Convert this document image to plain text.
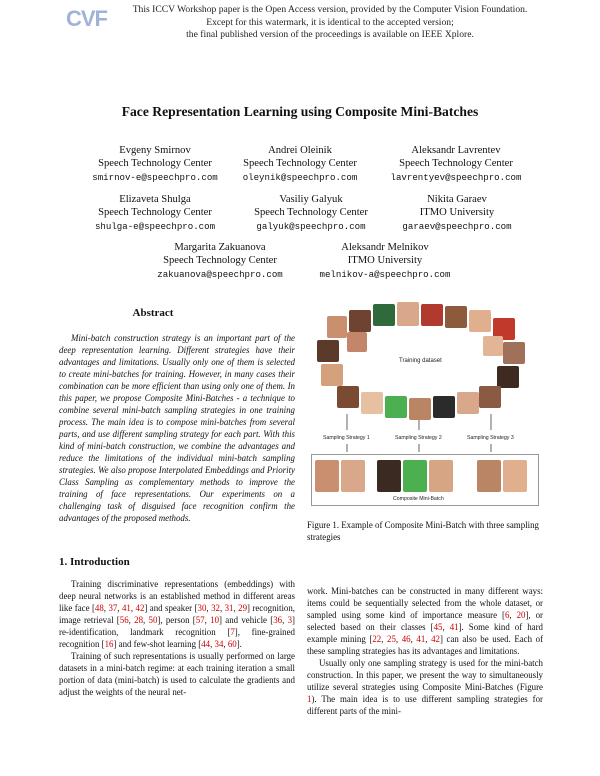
CVF	This ICCV Workshop paper is the Open Access version, provided by the Computer Vision Foundation.
Except for this watermark, it is identical to the accepted version;
the final published version of the proceedings is available on IEEE Xplore.
Face Representation Learning using Composite Mini-Batches
Evgeny Smirnov
Speech Technology Center
smirnov-e@speechpro.com
Andrei Oleinik
Speech Technology Center
oleynik@speechpro.com
Aleksandr Lavrentev
Speech Technology Center
lavrentyev@speechpro.com
Elizaveta Shulga
Speech Technology Center
shulga-e@speechpro.com
Vasiliy Galyuk
Speech Technology Center
galyuk@speechpro.com
Nikita Garaev
ITMO University
garaev@speechpro.com
Margarita Zakuanova
Speech Technology Center
zakuanova@speechpro.com
Aleksandr Melnikov
ITMO University
melnikov-a@speechpro.com
Abstract
Mini-batch construction strategy is an important part of the deep representation learning. Different strategies have their advantages and limitations. Usually only one of them is selected to create mini-batches for training. However, in many cases their combination can be more efficient than using only one of them. In this paper, we propose Composite Mini-Batches - a technique to combine several mini-batch sampling strategies in one training process. The main idea is to compose mini-batches from several parts, and use different sampling strategy for each part. With this kind of mini-batch construction, we combine the advantages and reduce the limitations of the individual mini-batch sampling strategies. We also propose Interpolated Embeddings and Priority Class Sampling as complementary methods to improve the training of face representations. Our experiments on a challenging task of disguised face recognition confirm the advantages of the proposed methods.
1. Introduction

Training discriminative representations (embeddings) with deep neural networks is an established method in different areas like face [48, 37, 41, 42] and speaker [30, 32, 31, 29] recognition, image retrieval [56, 28, 50], person [57, 10] and vehicle [36, 3] re-identification, landmark recognition [7], fine-grained recognition [16] and few-shot learning [44, 34, 60].

Training of such representations is usually performed on large datasets in a mini-batch regime: at each training iteration a small portion of data (mini-batch) is used to calculate the gradients and adjust the weights of the neural net-

work. Mini-batches can be constructed in many different ways: items could be sequentially selected from the whole dataset, or sampled using some kind of importance measure [6, 20], or selected based on their classes [45, 41]. Some kind of hard example mining [22, 25, 46, 41, 42] can also be used. Each of these sampling strategies has its advantages and limitations.

Usually only one sampling strategy is used for the mini-batch construction. In this paper, we present the way to simultaneously utilize several strategies using Composite Mini-Batches (Figure 1). The main idea is to use different sampling strategies for different parts of the mini-

Training dataset
Sampling Strategy 1	Sampling Strategy 2	Sampling Strategy 3
Composite Mini-Batch
Figure 1. Example of Composite Mini-Batch with three sampling strategies
